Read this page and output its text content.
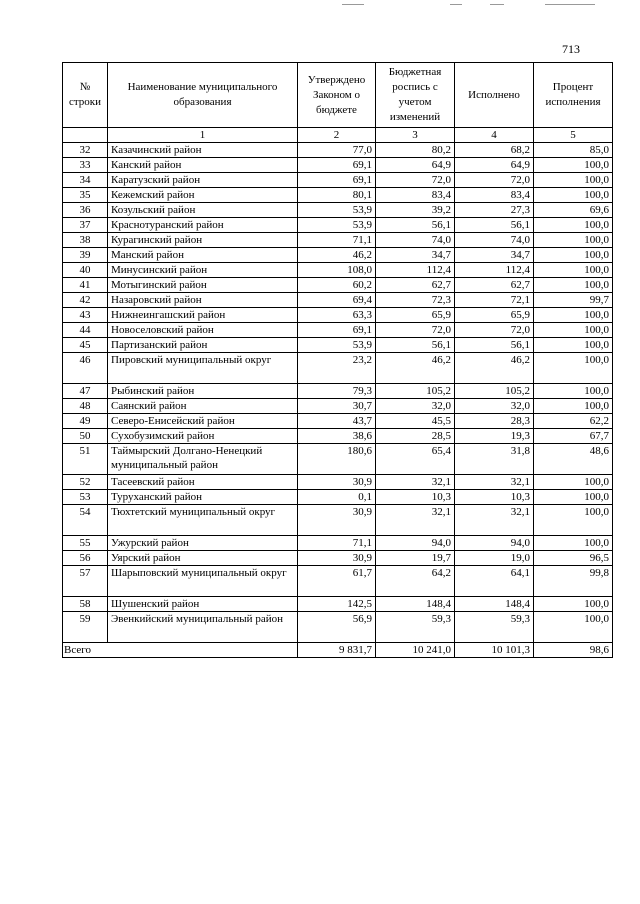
713
№ строки	Наименование муниципального образования	Утверждено Законом о бюджете	Бюджетная роспись с учетом изменений	Исполнено	Процент исполнения
	1	2	3	4	5
32	Казачинский район	77,0	80,2	68,2	85,0
33	Канский район	69,1	64,9	64,9	100,0
34	Каратузский район	69,1	72,0	72,0	100,0
35	Кежемский район	80,1	83,4	83,4	100,0
36	Козульский район	53,9	39,2	27,3	69,6
37	Краснотуранский район	53,9	56,1	56,1	100,0
38	Курагинский район	71,1	74,0	74,0	100,0
39	Манский район	46,2	34,7	34,7	100,0
40	Минусинский район	108,0	112,4	112,4	100,0
41	Мотыгинский район	60,2	62,7	62,7	100,0
42	Назаровский район	69,4	72,3	72,1	99,7
43	Нижнеингашский район	63,3	65,9	65,9	100,0
44	Новоселовский район	69,1	72,0	72,0	100,0
45	Партизанский район	53,9	56,1	56,1	100,0
46	Пировский муниципальный округ	23,2	46,2	46,2	100,0
47	Рыбинский район	79,3	105,2	105,2	100,0
48	Саянский район	30,7	32,0	32,0	100,0
49	Северо-Енисейский район	43,7	45,5	28,3	62,2
50	Сухобузимский район	38,6	28,5	19,3	67,7
51	Таймырский Долгано-Ненецкий муниципальный район	180,6	65,4	31,8	48,6
52	Тасеевский район	30,9	32,1	32,1	100,0
53	Туруханский район	0,1	10,3	10,3	100,0
54	Тюхтетский муниципальный округ	30,9	32,1	32,1	100,0
55	Ужурский район	71,1	94,0	94,0	100,0
56	Уярский район	30,9	19,7	19,0	96,5
57	Шарыповский муниципальный округ	61,7	64,2	64,1	99,8
58	Шушенский район	142,5	148,4	148,4	100,0
59	Эвенкийский муниципальный район	56,9	59,3	59,3	100,0
Всего		9 831,7	10 241,0	10 101,3	98,6
